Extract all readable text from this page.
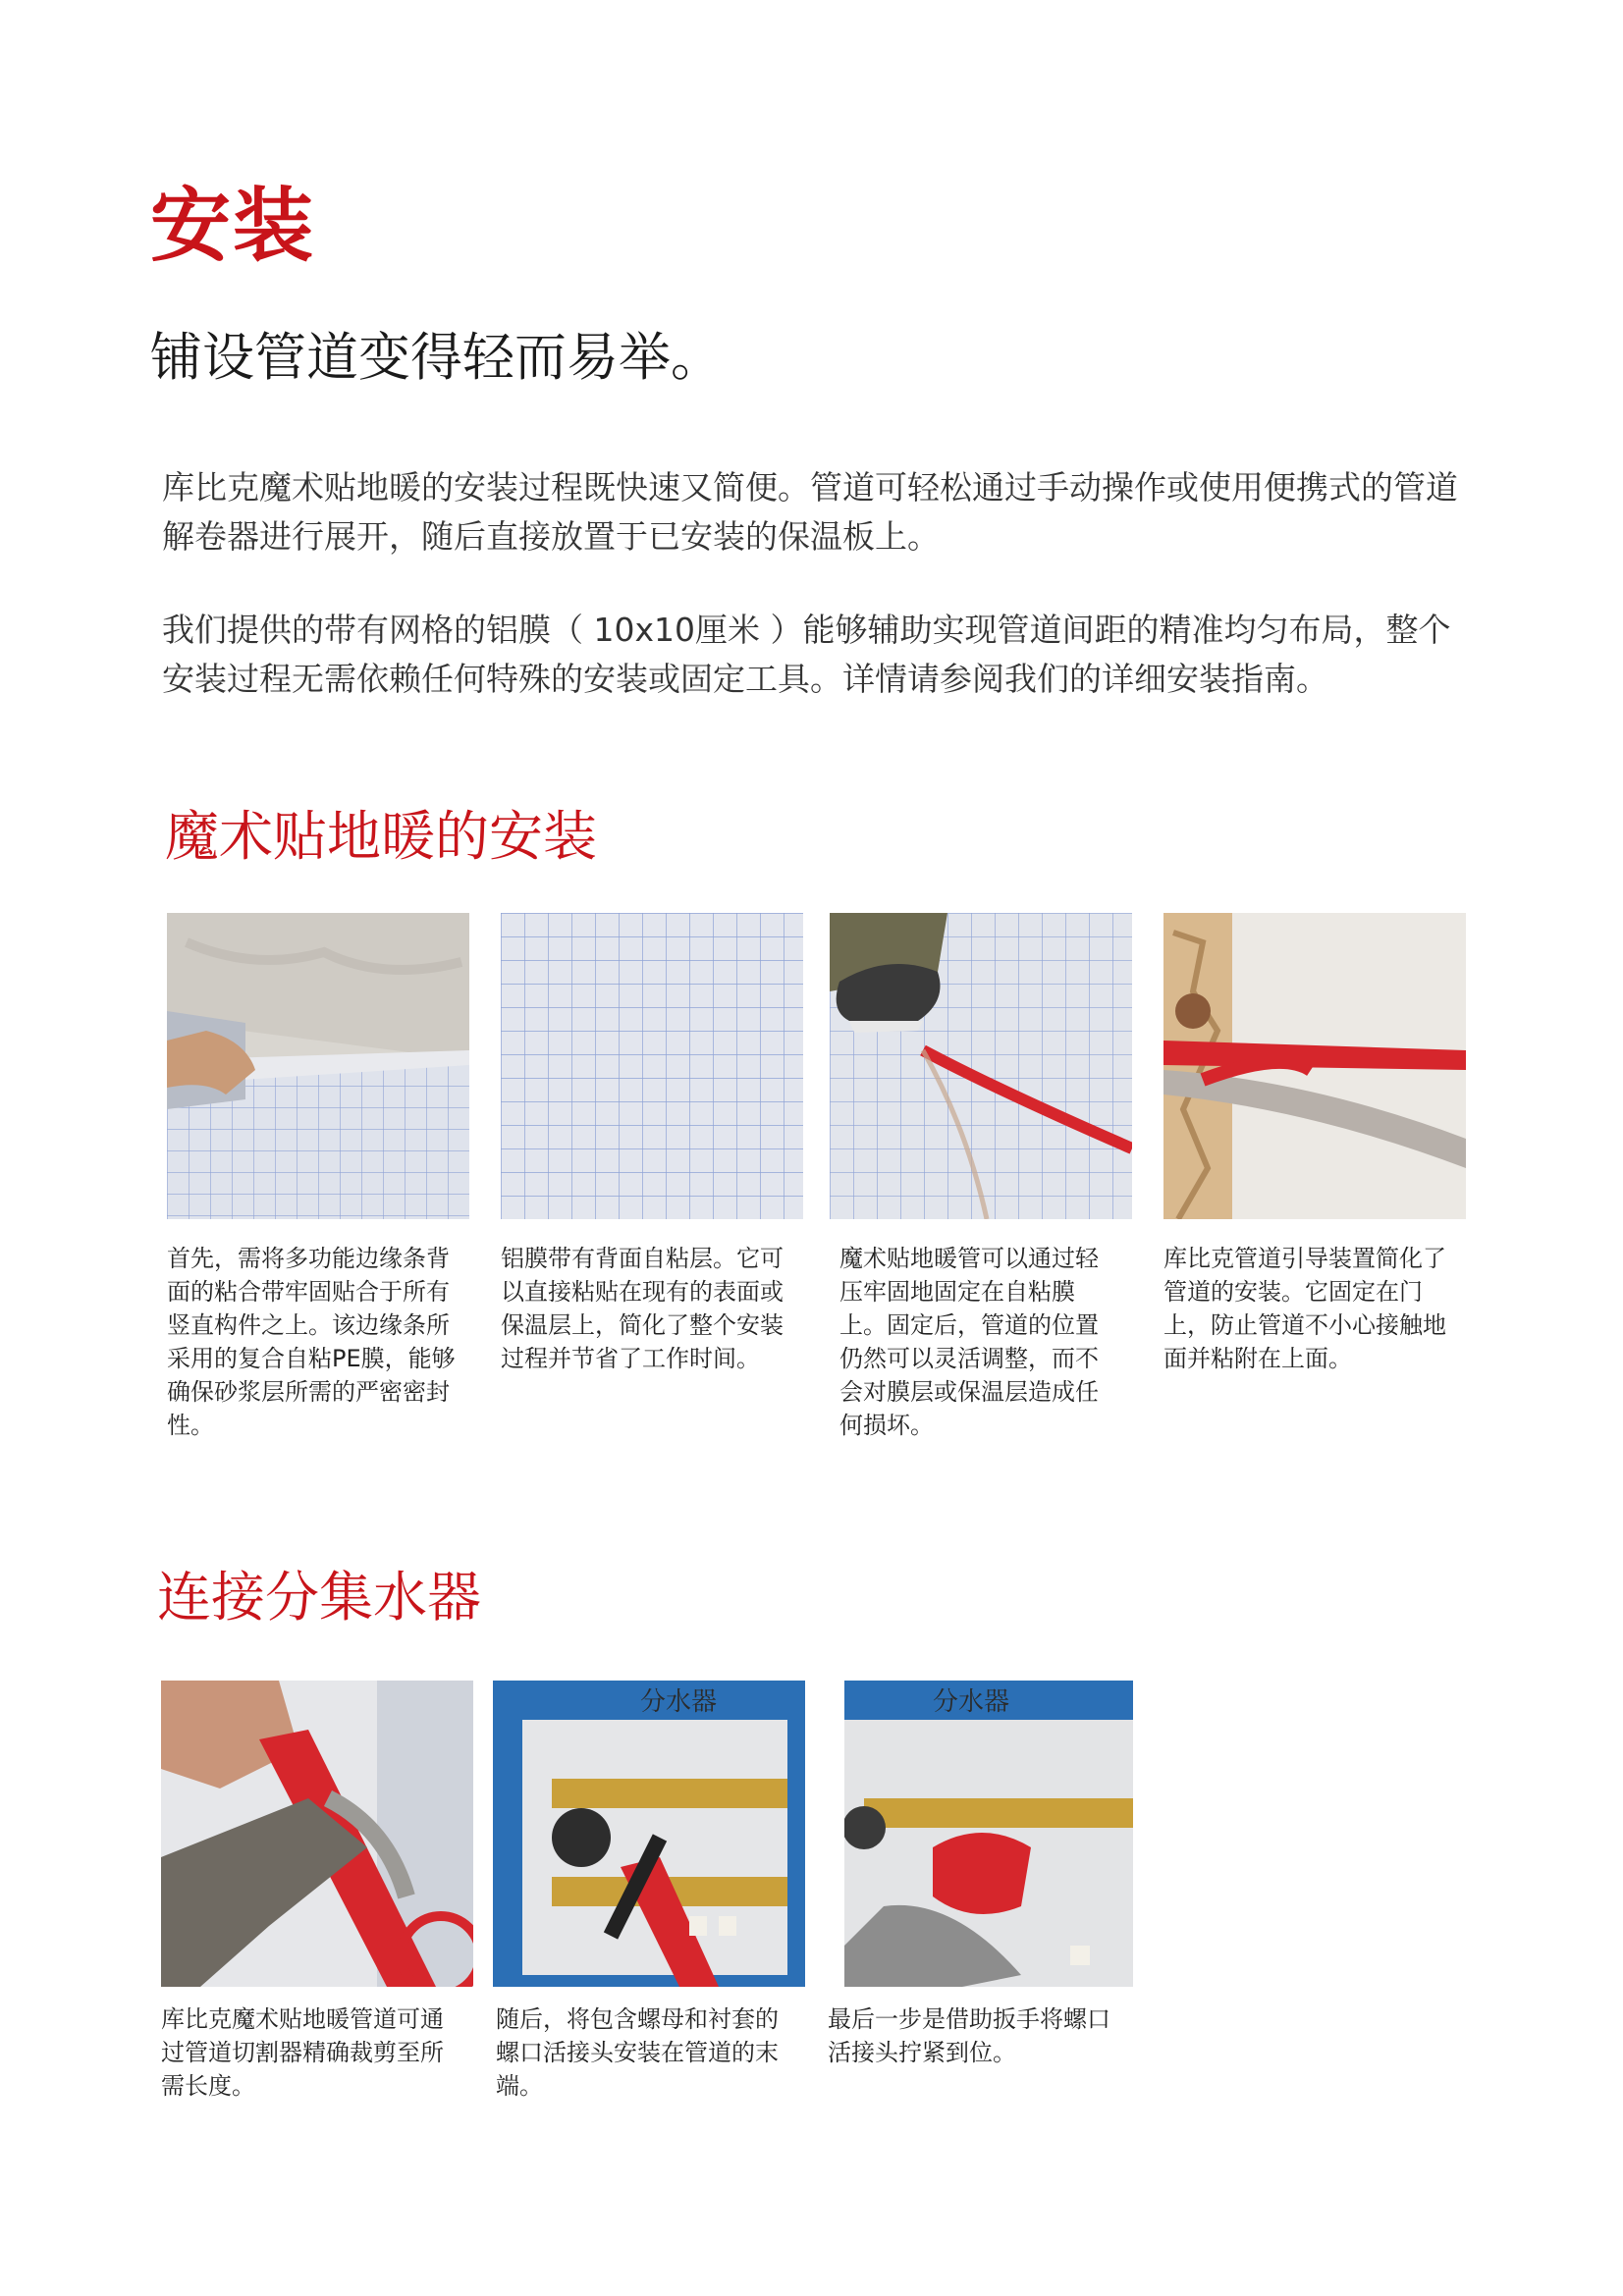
安装
铺设管道变得轻而易举。
库比克魔术贴地暖的安装过程既快速又简便。管道可轻松通过手动操作或使用便携式的管道解卷器进行展开，随后直接放置于已安装的保温板上。
我们提供的带有网格的铝膜（ 10x10厘米 ）能够辅助实现管道间距的精准均匀布局，整个安装过程无需依赖任何特殊的安装或固定工具。详情请参阅我们的详细安装指南。
魔术贴地暖的安装
首先，需将多功能边缘条背
面的粘合带牢固贴合于所有
竖直构件之上。该边缘条所
采用的复合自粘PE膜，能够
确保砂浆层所需的严密密封
性。
铝膜带有背面自粘层。它可
以直接粘贴在现有的表面或
保温层上，简化了整个安装
过程并节省了工作时间。
魔术贴地暖管可以通过轻
压牢固地固定在自粘膜
上。固定后，管道的位置
仍然可以灵活调整，而不
会对膜层或保温层造成任
何损坏。
库比克管道引导装置简化了
管道的安装。它固定在门
上，防止管道不小心接触地
面并粘附在上面。
连接分集水器
分水器	分水器
库比克魔术贴地暖管道可通
过管道切割器精确裁剪至所
需长度。
随后，将包含螺母和衬套的
螺口活接头安装在管道的末
端。
最后一步是借助扳手将螺口
活接头拧紧到位。
